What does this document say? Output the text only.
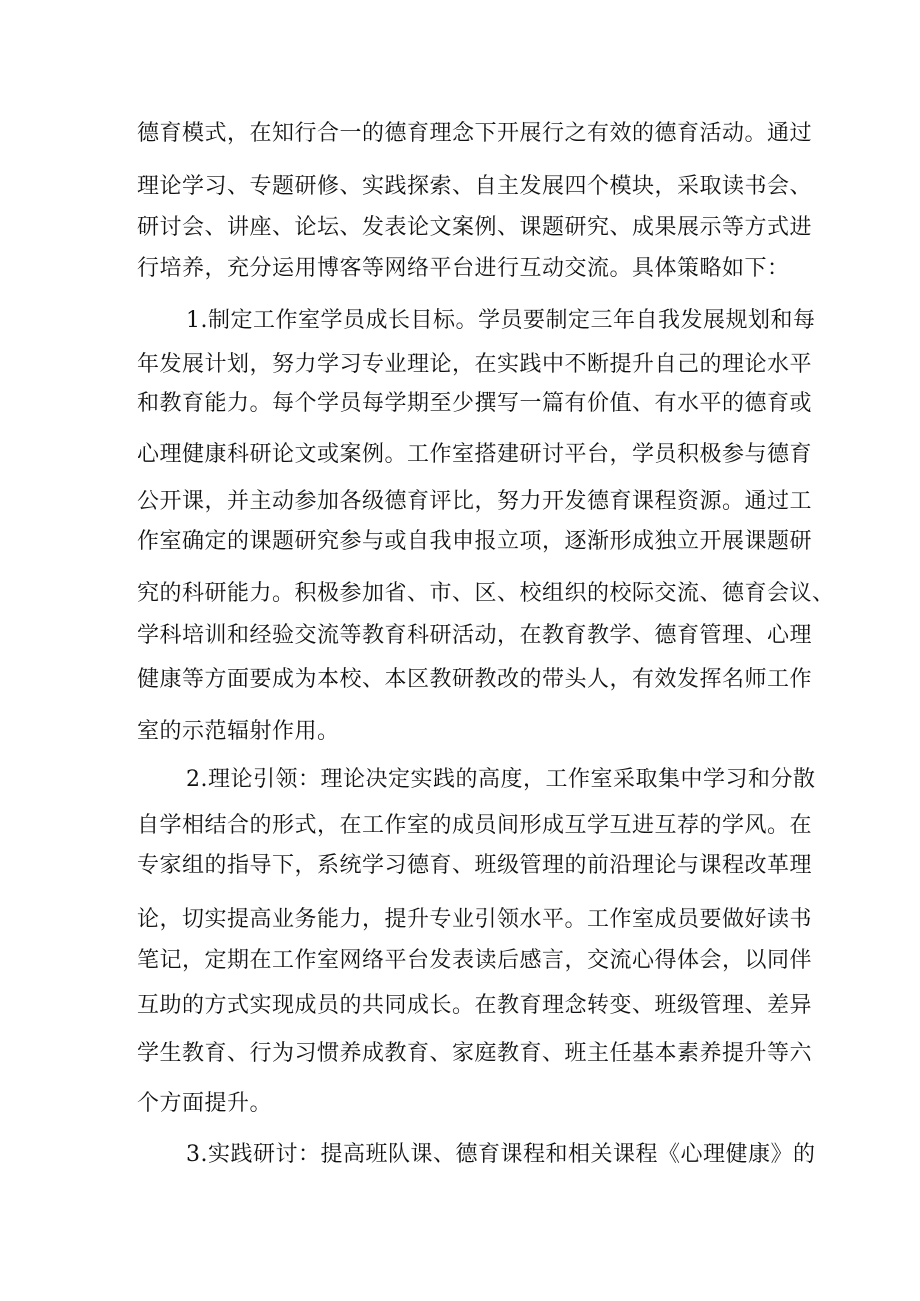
德育模式，在知行合一的德育理念下开展行之有效的德育活动。通过
理论学习、专题研修、实践探索、自主发展四个模块，采取读书会、
研讨会、讲座、论坛、发表论文案例、课题研究、成果展示等方式进
行培养，充分运用博客等网络平台进行互动交流。具体策略如下：
1.制定工作室学员成长目标。学员要制定三年自我发展规划和每
年发展计划，努力学习专业理论，在实践中不断提升自己的理论水平
和教育能力。每个学员每学期至少撰写一篇有价值、有水平的德育或
心理健康科研论文或案例。工作室搭建研讨平台，学员积极参与德育
公开课，并主动参加各级德育评比，努力开发德育课程资源。通过工
作室确定的课题研究参与或自我申报立项，逐渐形成独立开展课题研
究的科研能力。积极参加省、市、区、校组织的校际交流、德育会议、
学科培训和经验交流等教育科研活动，在教育教学、德育管理、心理
健康等方面要成为本校、本区教研教改的带头人，有效发挥名师工作
室的示范辐射作用。
2.理论引领：理论决定实践的高度，工作室采取集中学习和分散
自学相结合的形式，在工作室的成员间形成互学互进互荐的学风。在
专家组的指导下，系统学习德育、班级管理的前沿理论与课程改革理
论，切实提高业务能力，提升专业引领水平。工作室成员要做好读书
笔记，定期在工作室网络平台发表读后感言，交流心得体会，以同伴
互助的方式实现成员的共同成长。在教育理念转变、班级管理、差异
学生教育、行为习惯养成教育、家庭教育、班主任基本素养提升等六
个方面提升。
3.实践研讨：提高班队课、德育课程和相关课程《心理健康》的
